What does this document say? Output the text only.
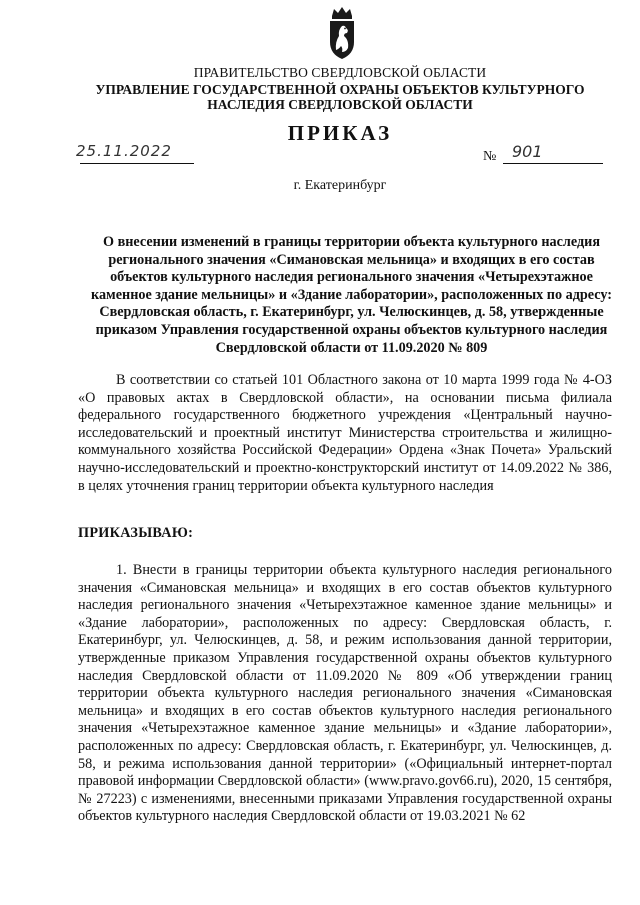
ПРАВИТЕЛЬСТВО СВЕРДЛОВСКОЙ ОБЛАСТИ
УПРАВЛЕНИЕ ГОСУДАРСТВЕННОЙ ОХРАНЫ ОБЪЕКТОВ КУЛЬТУРНОГО НАСЛЕДИЯ СВЕРДЛОВСКОЙ ОБЛАСТИ
ПРИКАЗ
25.11.2022	№ 901
г. Екатеринбург
О внесении изменений в границы территории объекта культурного наследия регионального значения «Симановская мельница» и входящих в его состав объектов культурного наследия регионального значения «Четырехэтажное каменное здание мельницы» и «Здание лаборатории», расположенных по адресу: Свердловская область, г. Екатеринбург, ул. Челюскинцев, д. 58, утвержденные приказом Управления государственной охраны объектов культурного наследия Свердловской области от 11.09.2020 № 809
В соответствии со статьей 101 Областного закона от 10 марта 1999 года № 4-ОЗ «О правовых актах в Свердловской области», на основании письма филиала федерального государственного бюджетного учреждения «Центральный научно-исследовательский и проектный институт Министерства строительства и жилищно-коммунального хозяйства Российской Федерации» Ордена «Знак Почета» Уральский научно-исследовательский и проектно-конструкторский институт от 14.09.2022 № 386, в целях уточнения границ территории объекта культурного наследия
ПРИКАЗЫВАЮ:
1. Внести в границы территории объекта культурного наследия регионального значения «Симановская мельница» и входящих в его состав объектов культурного наследия регионального значения «Четырехэтажное каменное здание мельницы» и «Здание лаборатории», расположенных по адресу: Свердловская область, г. Екатеринбург, ул. Челюскинцев, д. 58, и режим использования данной территории, утвержденные приказом Управления государственной охраны объектов культурного наследия Свердловской области от 11.09.2020 № 809 «Об утверждении границ территории объекта культурного наследия регионального значения «Симановская мельница» и входящих в его состав объектов культурного наследия регионального значения «Четырехэтажное каменное здание мельницы» и «Здание лаборатории», расположенных по адресу: Свердловская область, г. Екатеринбург, ул. Челюскинцев, д. 58, и режима использования данной территории» («Официальный интернет-портал правовой информации Свердловской области» (www.pravo.gov66.ru), 2020, 15 сентября, № 27223) с изменениями, внесенными приказами Управления государственной охраны объектов культурного наследия Свердловской области от 19.03.2021 № 62
